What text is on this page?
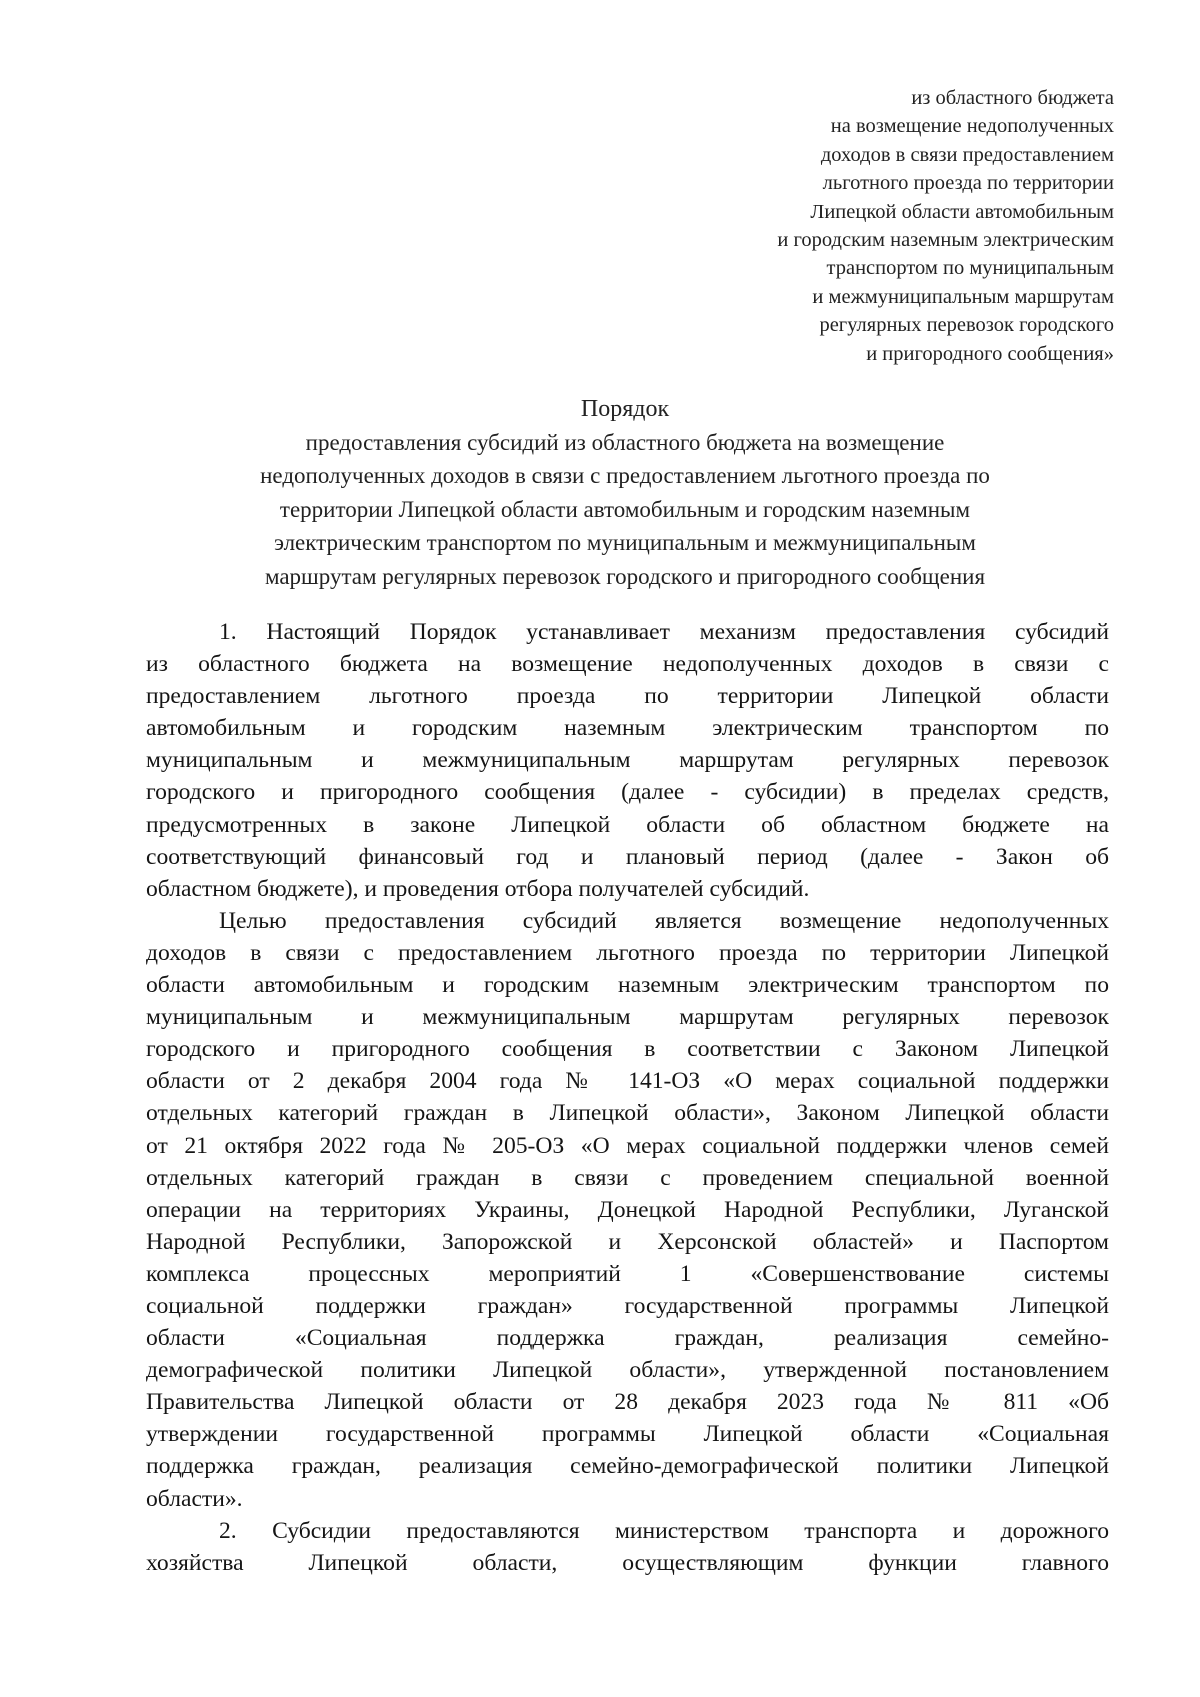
из областного бюджета
на возмещение недополученных
доходов в связи предоставлением
льготного проезда по территории
Липецкой области автомобильным
и городским наземным электрическим
транспортом по муниципальным
и межмуниципальным маршрутам
регулярных перевозок городского
и пригородного сообщения»
Порядок
предоставления субсидий из областного бюджета на возмещение
недополученных доходов в связи с предоставлением льготного проезда по
территории Липецкой области автомобильным и городским наземным
электрическим транспортом по муниципальным и межмуниципальным
маршрутам регулярных перевозок городского и пригородного сообщения
1. Настоящий Порядок устанавливает механизм предоставления субсидий
из областного бюджета на возмещение недополученных доходов в связи с
предоставлением льготного проезда по территории Липецкой области
автомобильным и городским наземным электрическим транспортом по
муниципальным и межмуниципальным маршрутам регулярных перевозок
городского и пригородного сообщения (далее - субсидии) в пределах средств,
предусмотренных в законе Липецкой области об областном бюджете на
соответствующий финансовый год и плановый период (далее - Закон об
областном бюджете), и проведения отбора получателей субсидий.
Целью предоставления субсидий является возмещение недополученных
доходов в связи с предоставлением льготного проезда по территории Липецкой
области автомобильным и городским наземным электрическим транспортом по
муниципальным и межмуниципальным маршрутам регулярных перевозок
городского и пригородного сообщения в соответствии с Законом Липецкой
области от 2 декабря 2004 года № 141-ОЗ «О мерах социальной поддержки
отдельных категорий граждан в Липецкой области», Законом Липецкой области
от 21 октября 2022 года № 205-ОЗ «О мерах социальной поддержки членов семей
отдельных категорий граждан в связи с проведением специальной военной
операции на территориях Украины, Донецкой Народной Республики, Луганской
Народной Республики, Запорожской и Херсонской областей» и Паспортом
комплекса процессных мероприятий 1 «Совершенствование системы
социальной поддержки граждан» государственной программы Липецкой
области «Социальная поддержка граждан, реализация семейно-
демографической политики Липецкой области», утвержденной постановлением
Правительства Липецкой области от 28 декабря 2023 года № 811 «Об
утверждении государственной программы Липецкой области «Социальная
поддержка граждан, реализация семейно-демографической политики Липецкой
области».
2. Субсидии предоставляются министерством транспорта и дорожного
хозяйства Липецкой области, осуществляющим функции главного
